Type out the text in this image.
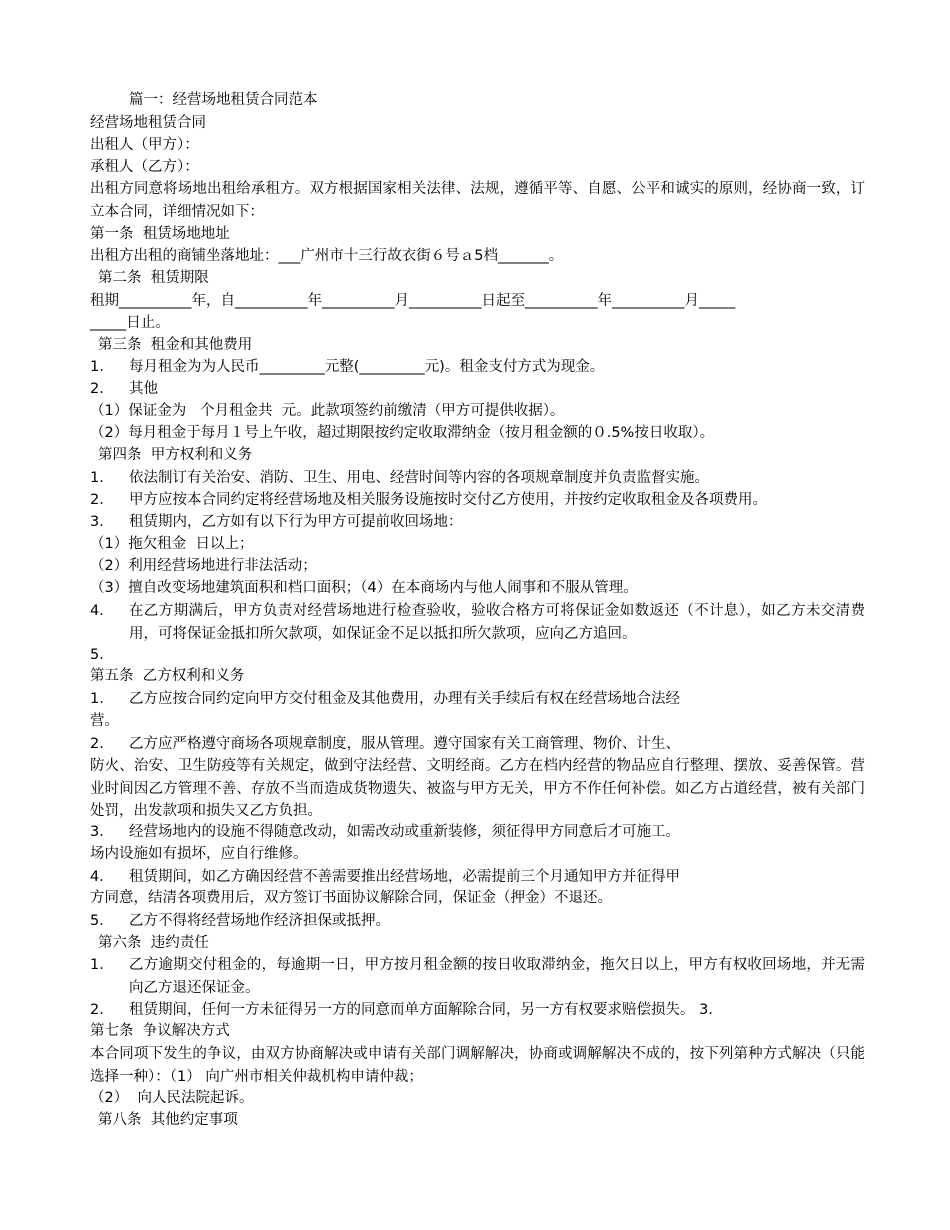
篇一：经营场地租赁合同范本
经营场地租赁合同
出租人（甲方）：
承租人（乙方）：
出租方同意将场地出租给承租方。双方根据国家相关法律、法规，遵循平等、自愿、公平和诚实的原则，经协商一致，订立本合同，详细情况如下：
第一条  租赁场地地址
出租方出租的商铺坐落地址：___广州市十三行故衣街６号ａ5档_______。
第二条  租赁期限
租期__________年，自__________年__________月__________日起至__________年__________月_____
_____日止。
第三条  租金和其他费用
1． 每月租金为为人民币_________元整(_________元)。租金支付方式为现金。
2． 其他
（1）保证金为   个月租金共  元。此款项签约前缴清（甲方可提供收据）。
（2）每月租金于每月１号上午收，超过期限按约定收取滞纳金（按月租金额的０.5%按日收取）。
第四条  甲方权利和义务
1． 依法制订有关治安、消防、卫生、用电、经营时间等内容的各项规章制度并负责监督实施。
2． 甲方应按本合同约定将经营场地及相关服务设施按时交付乙方使用，并按约定收取租金及各项费用。
3． 租赁期内，乙方如有以下行为甲方可提前收回场地：
（1）拖欠租金  日以上；
（2）利用经营场地进行非法活动；
（3）擅自改变场地建筑面积和档口面积；（4）在本商场内与他人闹事和不服从管理。
4． 在乙方期满后，甲方负责对经营场地进行检查验收，验收合格方可将保证金如数返还（不计息），如乙方未交清费用，可将保证金抵扣所欠款项，如保证金不足以抵扣所欠款项，应向乙方追回。
5．
第五条  乙方权利和义务
1． 乙方应按合同约定向甲方交付租金及其他费用，办理有关手续后有权在经营场地合法经
营。
2． 乙方应严格遵守商场各项规章制度，服从管理。遵守国家有关工商管理、物价、计生、
防火、治安、卫生防疫等有关规定，做到守法经营、文明经商。乙方在档内经营的物品应自行整理、摆放、妥善保管。营业时间因乙方管理不善、存放不当而造成货物遗失、被盗与甲方无关，甲方不作任何补偿。如乙方占道经营，被有关部门处罚，出发款项和损失又乙方负担。
3． 经营场地内的设施不得随意改动，如需改动或重新装修，须征得甲方同意后才可施工。
场内设施如有损坏，应自行维修。
4． 租赁期间，如乙方确因经营不善需要推出经营场地，必需提前三个月通知甲方并征得甲
方同意，结清各项费用后，双方签订书面协议解除合同，保证金（押金）不退还。
5． 乙方不得将经营场地作经济担保或抵押。
第六条  违约责任
1． 乙方逾期交付租金的，每逾期一日，甲方按月租金额的按日收取滞纳金，拖欠日以上，甲方有权收回场地，并无需向乙方退还保证金。
2． 租赁期间，任何一方未征得另一方的同意而单方面解除合同，另一方有权要求赔偿损失。 3．
第七条  争议解决方式
本合同项下发生的争议，由双方协商解决或申请有关部门调解解决，协商或调解解决不成的，按下列第种方式解决（只能选择一种）：（1） 向广州市相关仲裁机构申请仲裁；
（2）  向人民法院起诉。
第八条  其他约定事项
